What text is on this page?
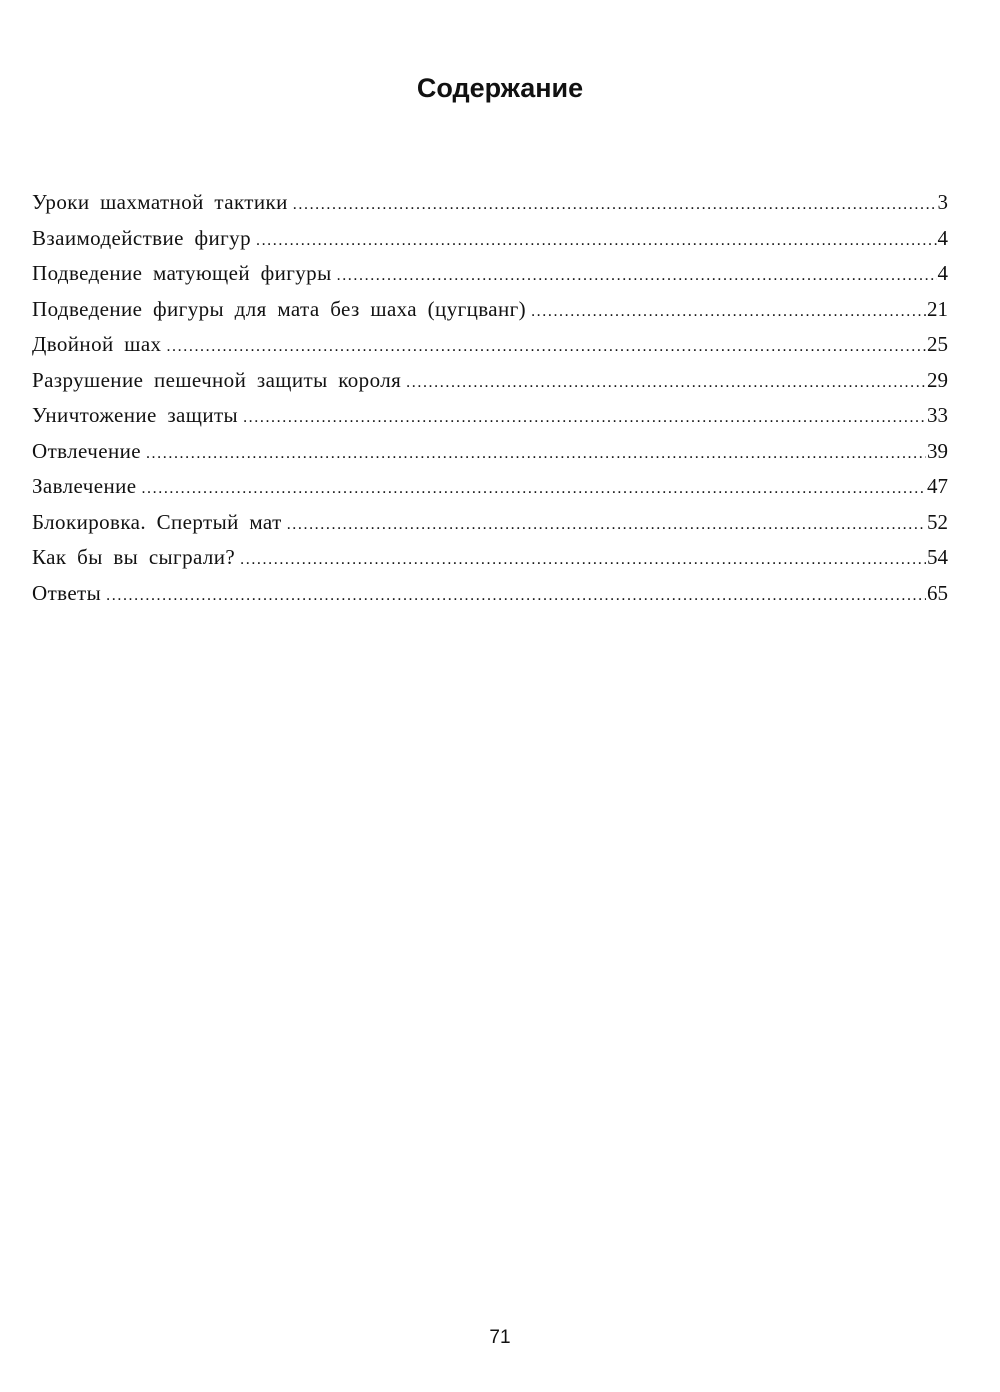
Содержание
Уроки шахматной тактики .....	3
Взаимодействие фигур .....	4
Подведение матующей фигуры .....	4
Подведение фигуры для мата без шаха (цугцванг) .....	21
Двойной шах .....	25
Разрушение пешечной защиты короля .....	29
Уничтожение защиты .....	33
Отвлечение .....	39
Завлечение .....	47
Блокировка. Спертый мат .....	52
Как бы вы сыграли? .....	54
Ответы .....	65
71
